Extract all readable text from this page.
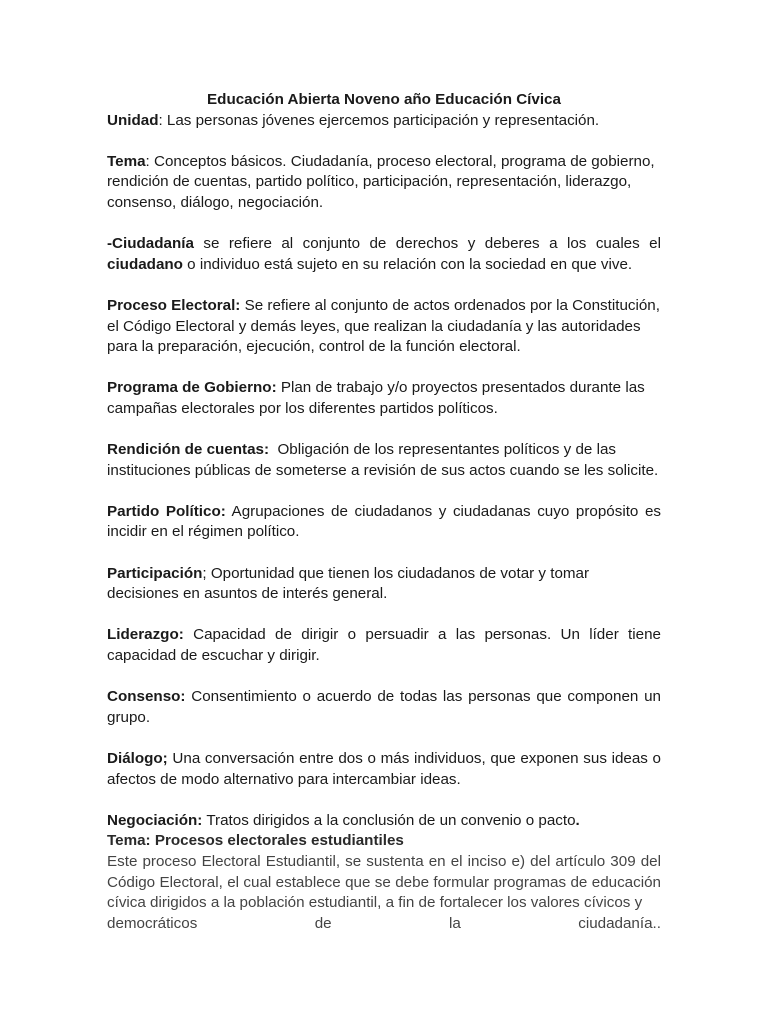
Educación Abierta Noveno año Educación Cívica

Unidad: Las personas jóvenes ejercemos participación y representación.

Tema: Conceptos básicos. Ciudadanía, proceso electoral, programa de gobierno, rendición de cuentas, partido político, participación, representación, liderazgo, consenso, diálogo, negociación.

-Ciudadanía se refiere al conjunto de derechos y deberes a los cuales el ciudadano o individuo está sujeto en su relación con la sociedad en que vive.

Proceso Electoral: Se refiere al conjunto de actos ordenados por la Constitución, el Código Electoral y demás leyes, que realizan la ciudadanía y las autoridades para la preparación, ejecución, control de la función electoral.

Programa de Gobierno: Plan de trabajo y/o proyectos presentados durante las campañas electorales por los diferentes partidos políticos.

Rendición de cuentas:  Obligación de los representantes políticos y de las instituciones públicas de someterse a revisión de sus actos cuando se les solicite.

Partido Político: Agrupaciones de ciudadanos y ciudadanas cuyo propósito es incidir en el régimen político.

Participación; Oportunidad que tienen los ciudadanos de votar y tomar decisiones en asuntos de interés general.

Liderazgo: Capacidad de dirigir o persuadir a las personas. Un líder tiene capacidad de escuchar y dirigir.

Consenso: Consentimiento o acuerdo de todas las personas que componen un grupo.

Diálogo; Una conversación entre dos o más individuos, que exponen sus ideas o afectos de modo alternativo para intercambiar ideas.

Negociación: Tratos dirigidos a la conclusión de un convenio o pacto.

Tema: Procesos electorales estudiantiles

Este proceso Electoral Estudiantil, se sustenta en el inciso e) del artículo 309 del Código Electoral, el cual establece que se debe formular programas de educación cívica dirigidos a la población estudiantil, a fin de fortalecer los valores cívicos y

democráticos	de	la	ciudadanía..
